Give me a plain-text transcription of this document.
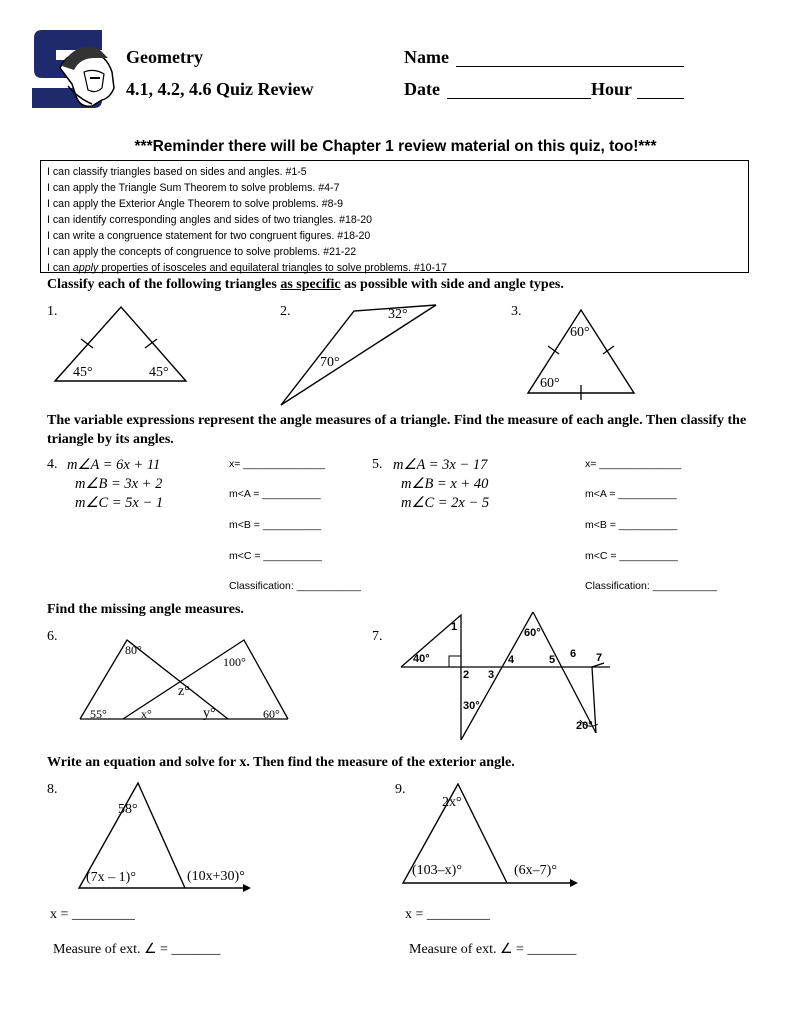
Geometry
4.1, 4.2, 4.6 Quiz Review
Name
Date	Hour
***Reminder there will be Chapter 1 review material on this quiz, too!***
I can classify triangles based on sides and angles. #1-5
I can apply the Triangle Sum Theorem to solve problems. #4-7
I can apply the Exterior Angle Theorem to solve problems. #8-9
I can identify corresponding angles and sides of two triangles. #18-20
I can write a congruence statement for two congruent figures. #18-20
I can apply the concepts of congruence to solve problems. #21-22
I can apply properties of isosceles and equilateral triangles to solve problems. #10-17
Classify each of the following triangles as specific as possible with side and angle types.
1.	2.	3.
45°	45°
32°
70°
60°
60°
The variable expressions represent the angle measures of a triangle. Find the measure of each angle. Then classify the triangle by its angles.
4. m∠A = 6x + 11
m∠B = 3x + 2
m∠C = 5x − 1
5. m∠A = 3x − 17
m∠B = x + 40
m∠C = 2x − 5
x= ______________
m<A = __________
m<B = __________
m<C = __________
Classification: ___________
x= ______________
m<A = __________
m<B = __________
m<C = __________
Classification: ___________
Find the missing angle measures.
6.	7.
80°
100°
z°
55°	x°	y°	60°
1
40°
2 3
30°
60°
4	5 6 7
20°
Write an equation and solve for x. Then find the measure of the exterior angle.
8.	9.
58°
(7x – 1)°	(10x+30)°
2x°
(103–x)°	(6x–7)°
x = _________	x = _________
Measure of ext. ∠ = _______	Measure of ext. ∠ = _______
